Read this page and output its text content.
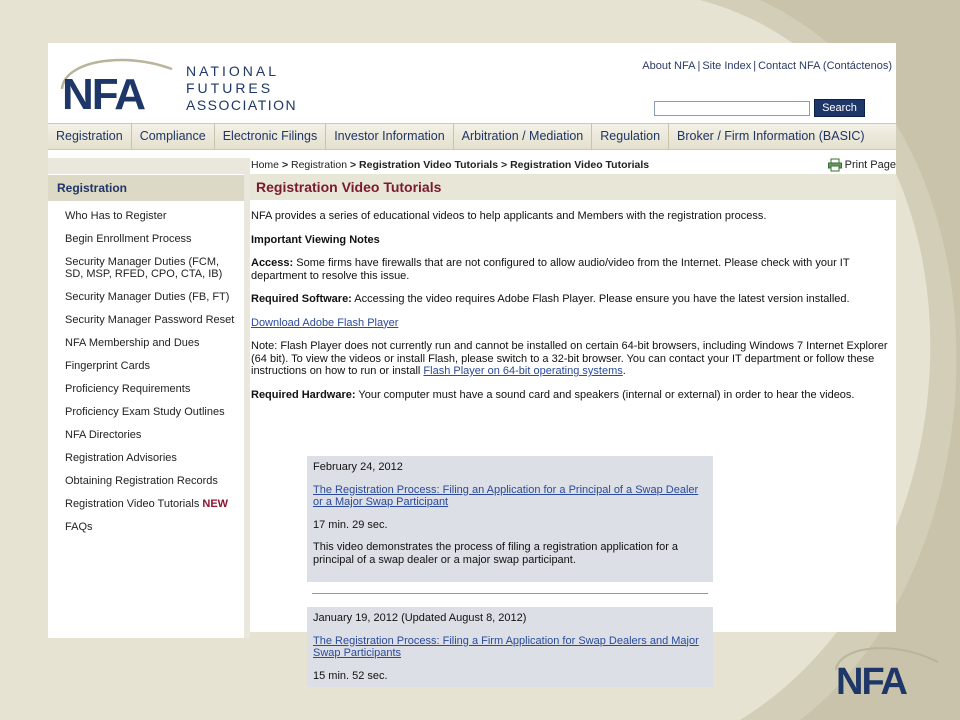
NFA	NATIONAL
FUTURES
ASSOCIATION
About NFA | Site Index | Contact NFA (Contáctenos)
Search
Registration	Compliance	Electronic Filings	Investor Information	Arbitration / Mediation	Regulation	Broker / Firm Information (BASIC)
Registration
Who Has to Register
Begin Enrollment Process
Security Manager Duties (FCM, SD, MSP, RFED, CPO, CTA, IB)
Security Manager Duties (FB, FT)
Security Manager Password Reset
NFA Membership and Dues
Fingerprint Cards
Proficiency Requirements
Proficiency Exam Study Outlines
NFA Directories
Registration Advisories
Obtaining Registration Records
Registration Video Tutorials NEW
FAQs
Home > Registration > Registration Video Tutorials > Registration Video Tutorials	Print Page
Registration Video Tutorials

NFA provides a series of educational videos to help applicants and Members with the registration process.

Important Viewing Notes

Access: Some firms have firewalls that are not configured to allow audio/video from the Internet. Please check with your IT department to resolve this issue.

Required Software: Accessing the video requires Adobe Flash Player. Please ensure you have the latest version installed.

Download Adobe Flash Player

Note: Flash Player does not currently run and cannot be installed on certain 64-bit browsers, including Windows 7 Internet Explorer (64 bit). To view the videos or install Flash, please switch to a 32-bit browser. You can contact your IT department or follow these instructions on how to run or install Flash Player on 64-bit operating systems.

Required Hardware: Your computer must have a sound card and speakers (internal or external) in order to hear the videos.

February 24, 2012

The Registration Process: Filing an Application for a Principal of a Swap Dealer or a Major Swap Participant

17 min. 29 sec.

This video demonstrates the process of filing a registration application for a principal of a swap dealer or a major swap participant.

January 19, 2012 (Updated August 8, 2012)

The Registration Process: Filing a Firm Application for Swap Dealers and Major Swap Participants

15 min. 52 sec.	NFA
